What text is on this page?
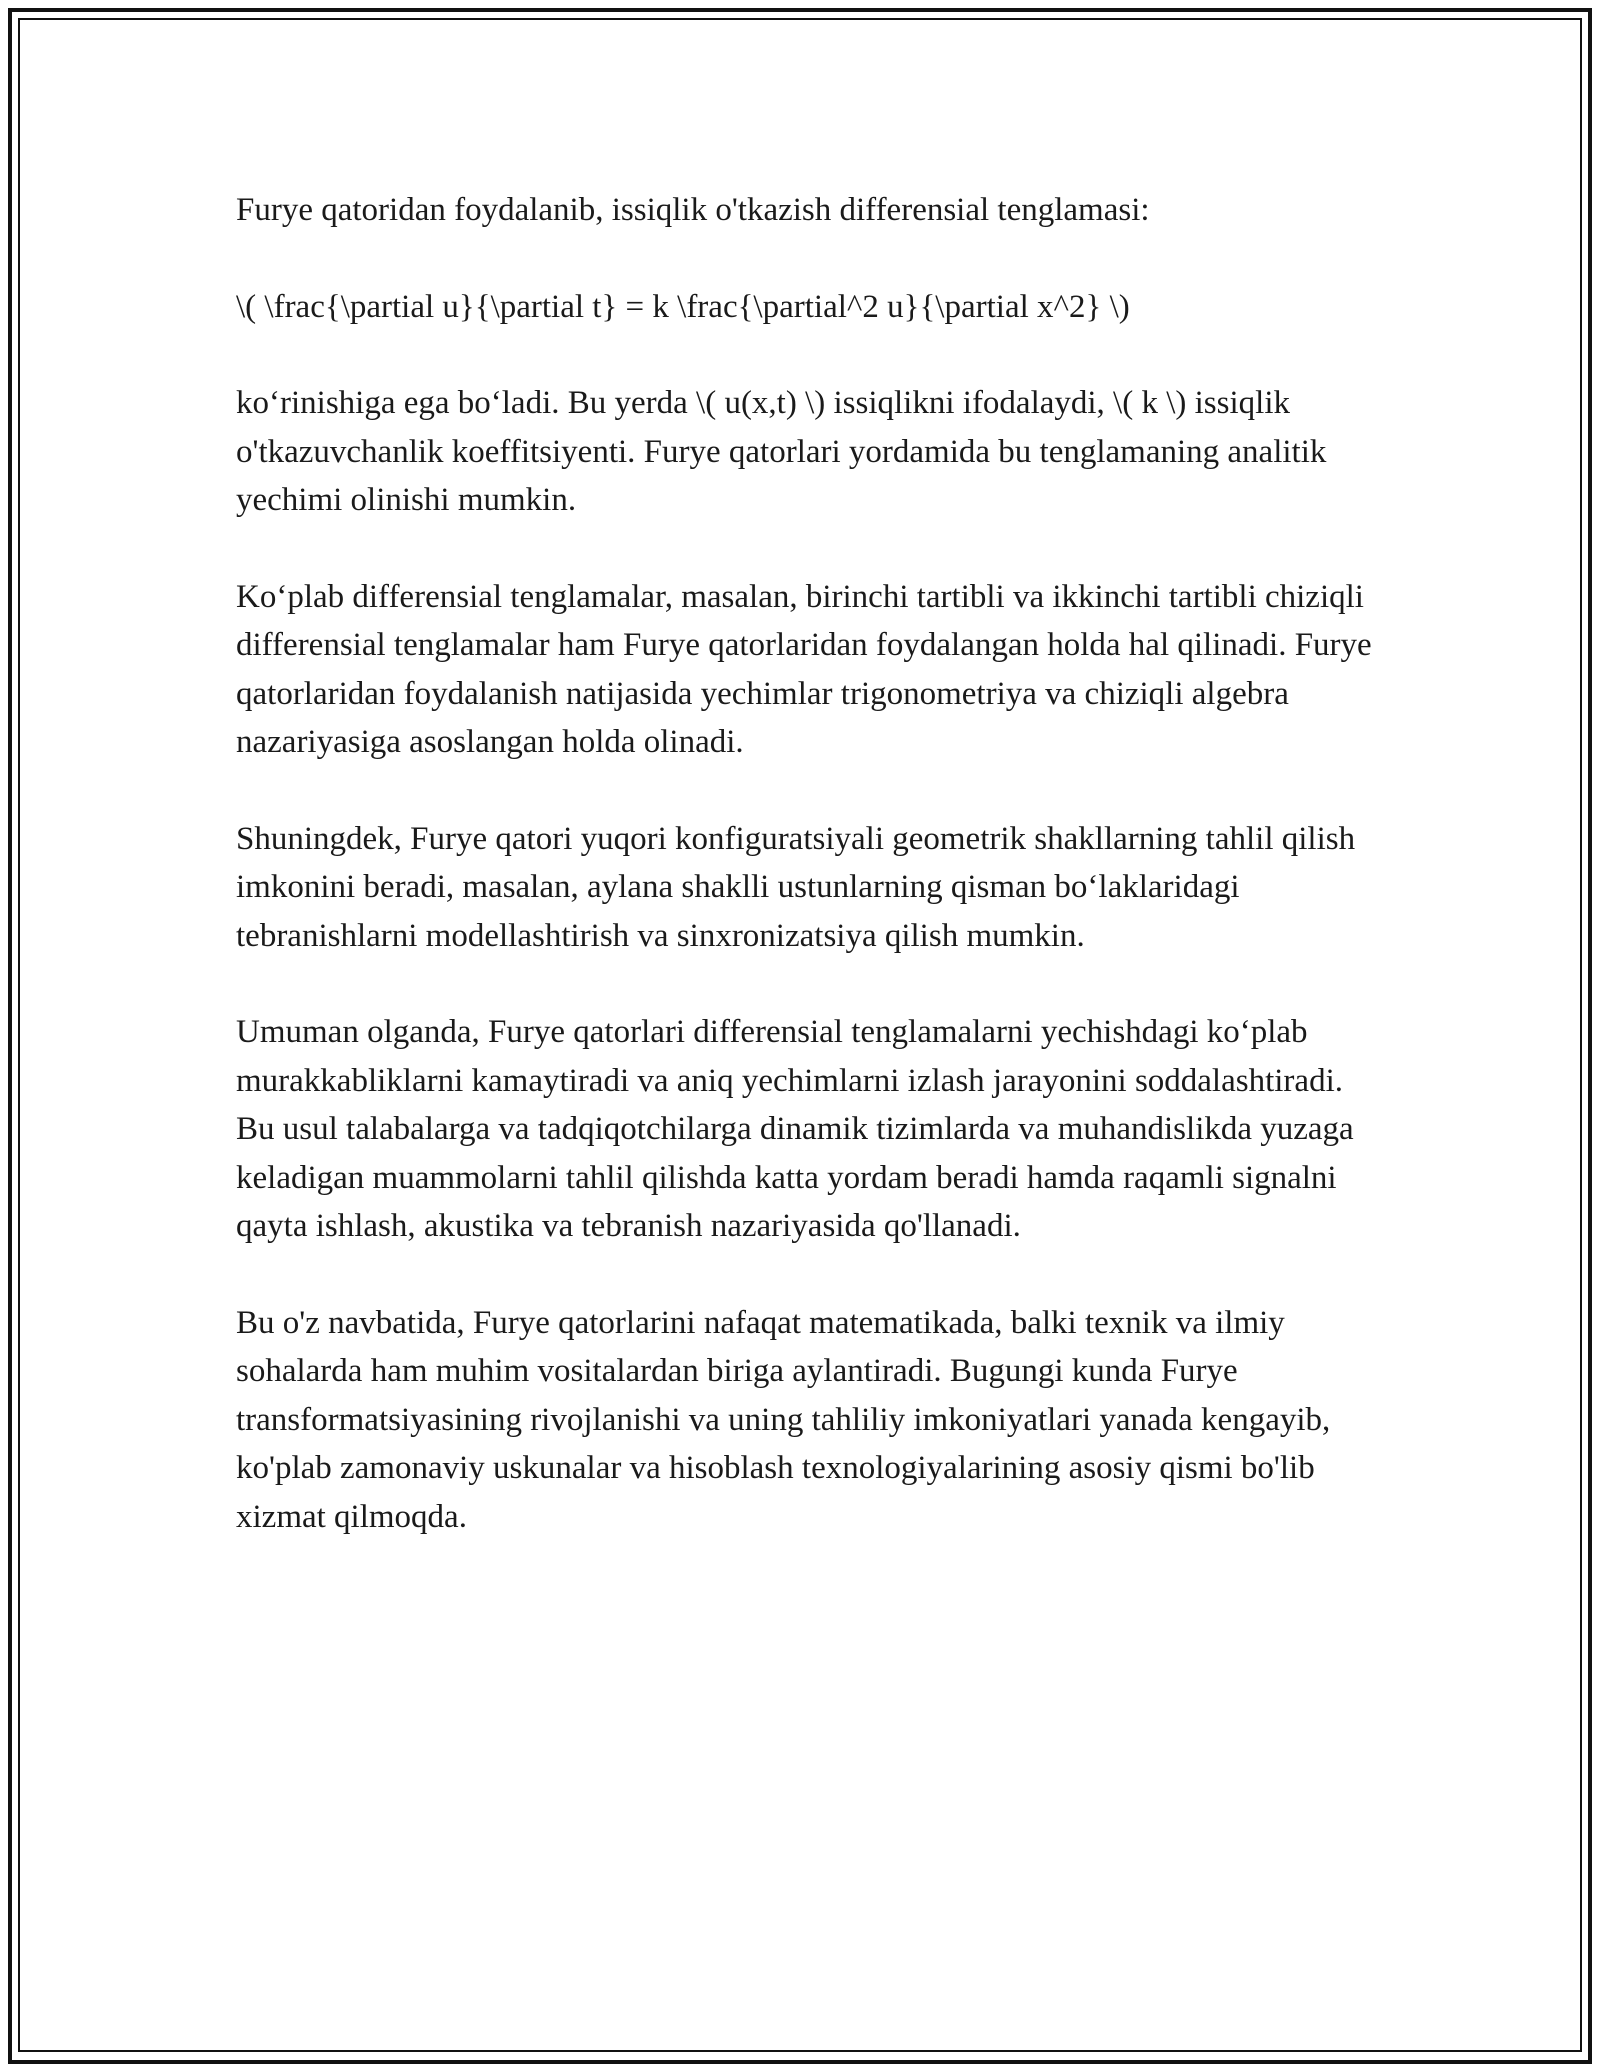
Furye qatoridan foydalanib, issiqlik o'tkazish differensial tenglamasi:

\( \frac{\partial u}{\partial t} = k \frac{\partial^2 u}{\partial x^2} \)

ko‘rinishiga ega bo‘ladi. Bu yerda \( u(x,t) \) issiqlikni ifodalaydi, \( k \) issiqlik o'tkazuvchanlik koeffitsiyenti. Furye qatorlari yordamida bu tenglamaning analitik yechimi olinishi mumkin.

Ko‘plab differensial tenglamalar, masalan, birinchi tartibli va ikkinchi tartibli chiziqli differensial tenglamalar ham Furye qatorlaridan foydalangan holda hal qilinadi. Furye qatorlaridan foydalanish natijasida yechimlar trigonometriya va chiziqli algebra nazariyasiga asoslangan holda olinadi.

Shuningdek, Furye qatori yuqori konfiguratsiyali geometrik shakllarning tahlil qilish imkonini beradi, masalan, aylana shaklli ustunlarning qisman bo‘laklaridagi tebranishlarni modellashtirish va sinxronizatsiya qilish mumkin.

Umuman olganda, Furye qatorlari differensial tenglamalarni yechishdagi ko‘plab murakkabliklarni kamaytiradi va aniq yechimlarni izlash jarayonini soddalashtiradi. Bu usul talabalarga va tadqiqotchilarga dinamik tizimlarda va muhandislikda yuzaga keladigan muammolarni tahlil qilishda katta yordam beradi hamda raqamli signalni qayta ishlash, akustika va tebranish nazariyasida qo'llanadi.

Bu o'z navbatida, Furye qatorlarini nafaqat matematikada, balki texnik va ilmiy sohalarda ham muhim vositalardan biriga aylantiradi. Bugungi kunda Furye transformatsiyasining rivojlanishi va uning tahliliy imkoniyatlari yanada kengayib, ko'plab zamonaviy uskunalar va hisoblash texnologiyalarining asosiy qismi bo'lib xizmat qilmoqda.
